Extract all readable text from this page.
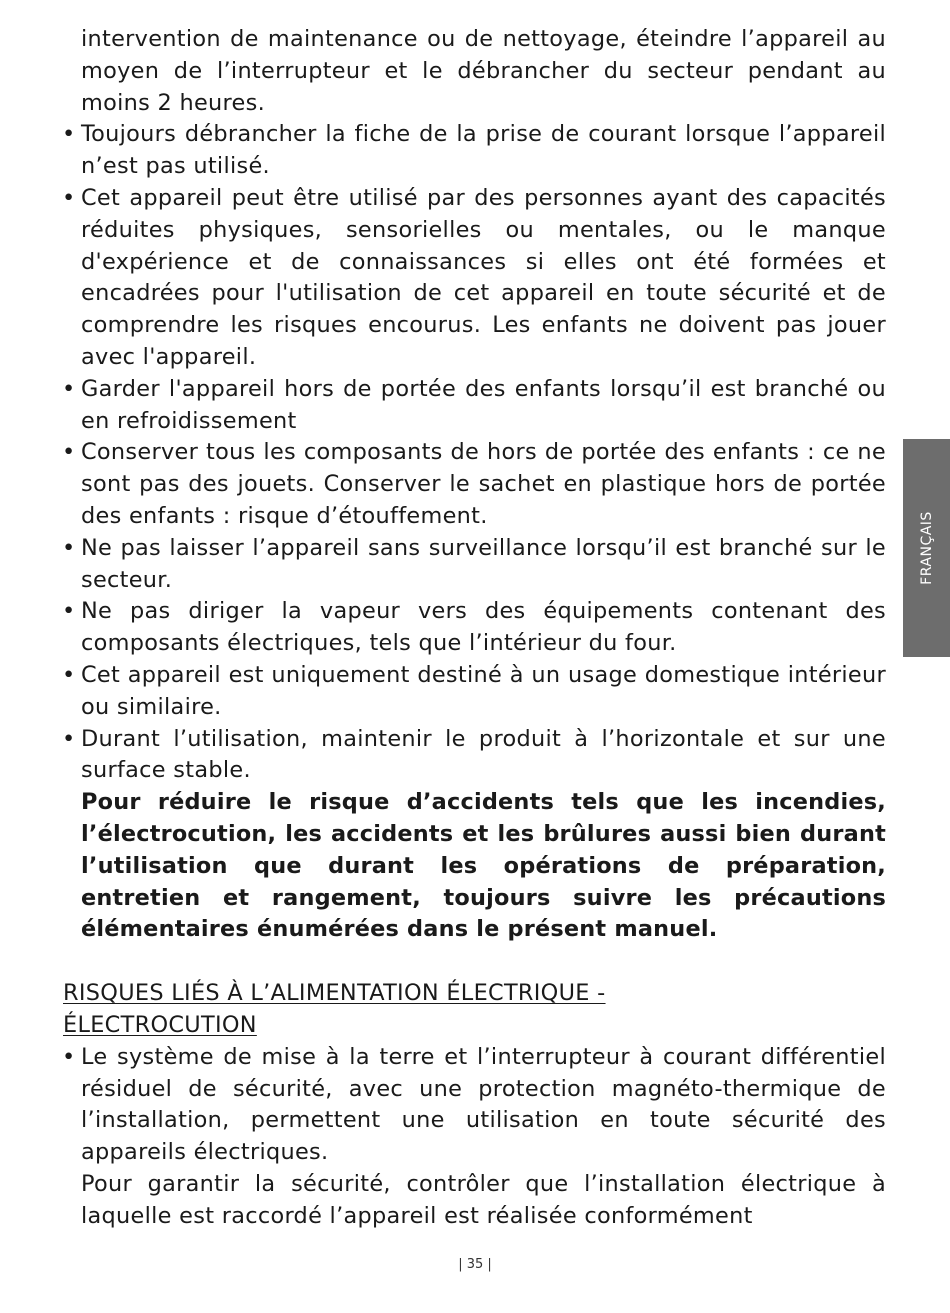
intervention de maintenance ou de nettoyage, éteindre l’appareil au moyen de l’interrupteur et le débrancher du secteur pendant au moins 2 heures.
• Toujours débrancher la fiche de la prise de courant lorsque l’appareil n’est pas utilisé.
• Cet appareil peut être utilisé par des personnes ayant des capacités réduites physiques, sensorielles ou mentales, ou le manque d'expérience et de connaissances si elles ont été formées et encadrées pour l'utilisation de cet appareil en toute sécurité et de comprendre les risques encourus. Les enfants ne doivent pas jouer avec l'appareil.
• Garder l'appareil hors de portée des enfants lorsqu’il est branché ou en refroidissement
• Conserver tous les composants de hors de portée des enfants : ce ne sont pas des jouets. Conserver le sachet en plastique hors de portée des enfants : risque d’étouffement.
• Ne pas laisser l’appareil sans surveillance lorsqu’il est branché sur le secteur.
• Ne pas diriger la vapeur vers des équipements contenant des composants électriques, tels que l’intérieur du four.
• Cet appareil est uniquement destiné à un usage domestique intérieur ou similaire.
• Durant l’utilisation, maintenir le produit à l’horizontale et sur une surface stable.
Pour réduire le risque d’accidents tels que les incendies, l’électrocution, les accidents et les brûlures aussi bien durant l’utilisation que durant les opérations de préparation, entretien et rangement, toujours suivre les précautions élémentaires énumérées dans le présent manuel.
RISQUES LIÉS À L’ALIMENTATION ÉLECTRIQUE - ÉLECTROCUTION
• Le système de mise à la terre et l’interrupteur à courant différentiel résiduel de sécurité, avec une protection magnéto-thermique de l’installation, permettent une utilisation en toute sécurité des appareils électriques.
Pour garantir la sécurité, contrôler que l’installation électrique à laquelle est raccordé l’appareil est réalisée conformément
FRANÇAIS
| 35 |
